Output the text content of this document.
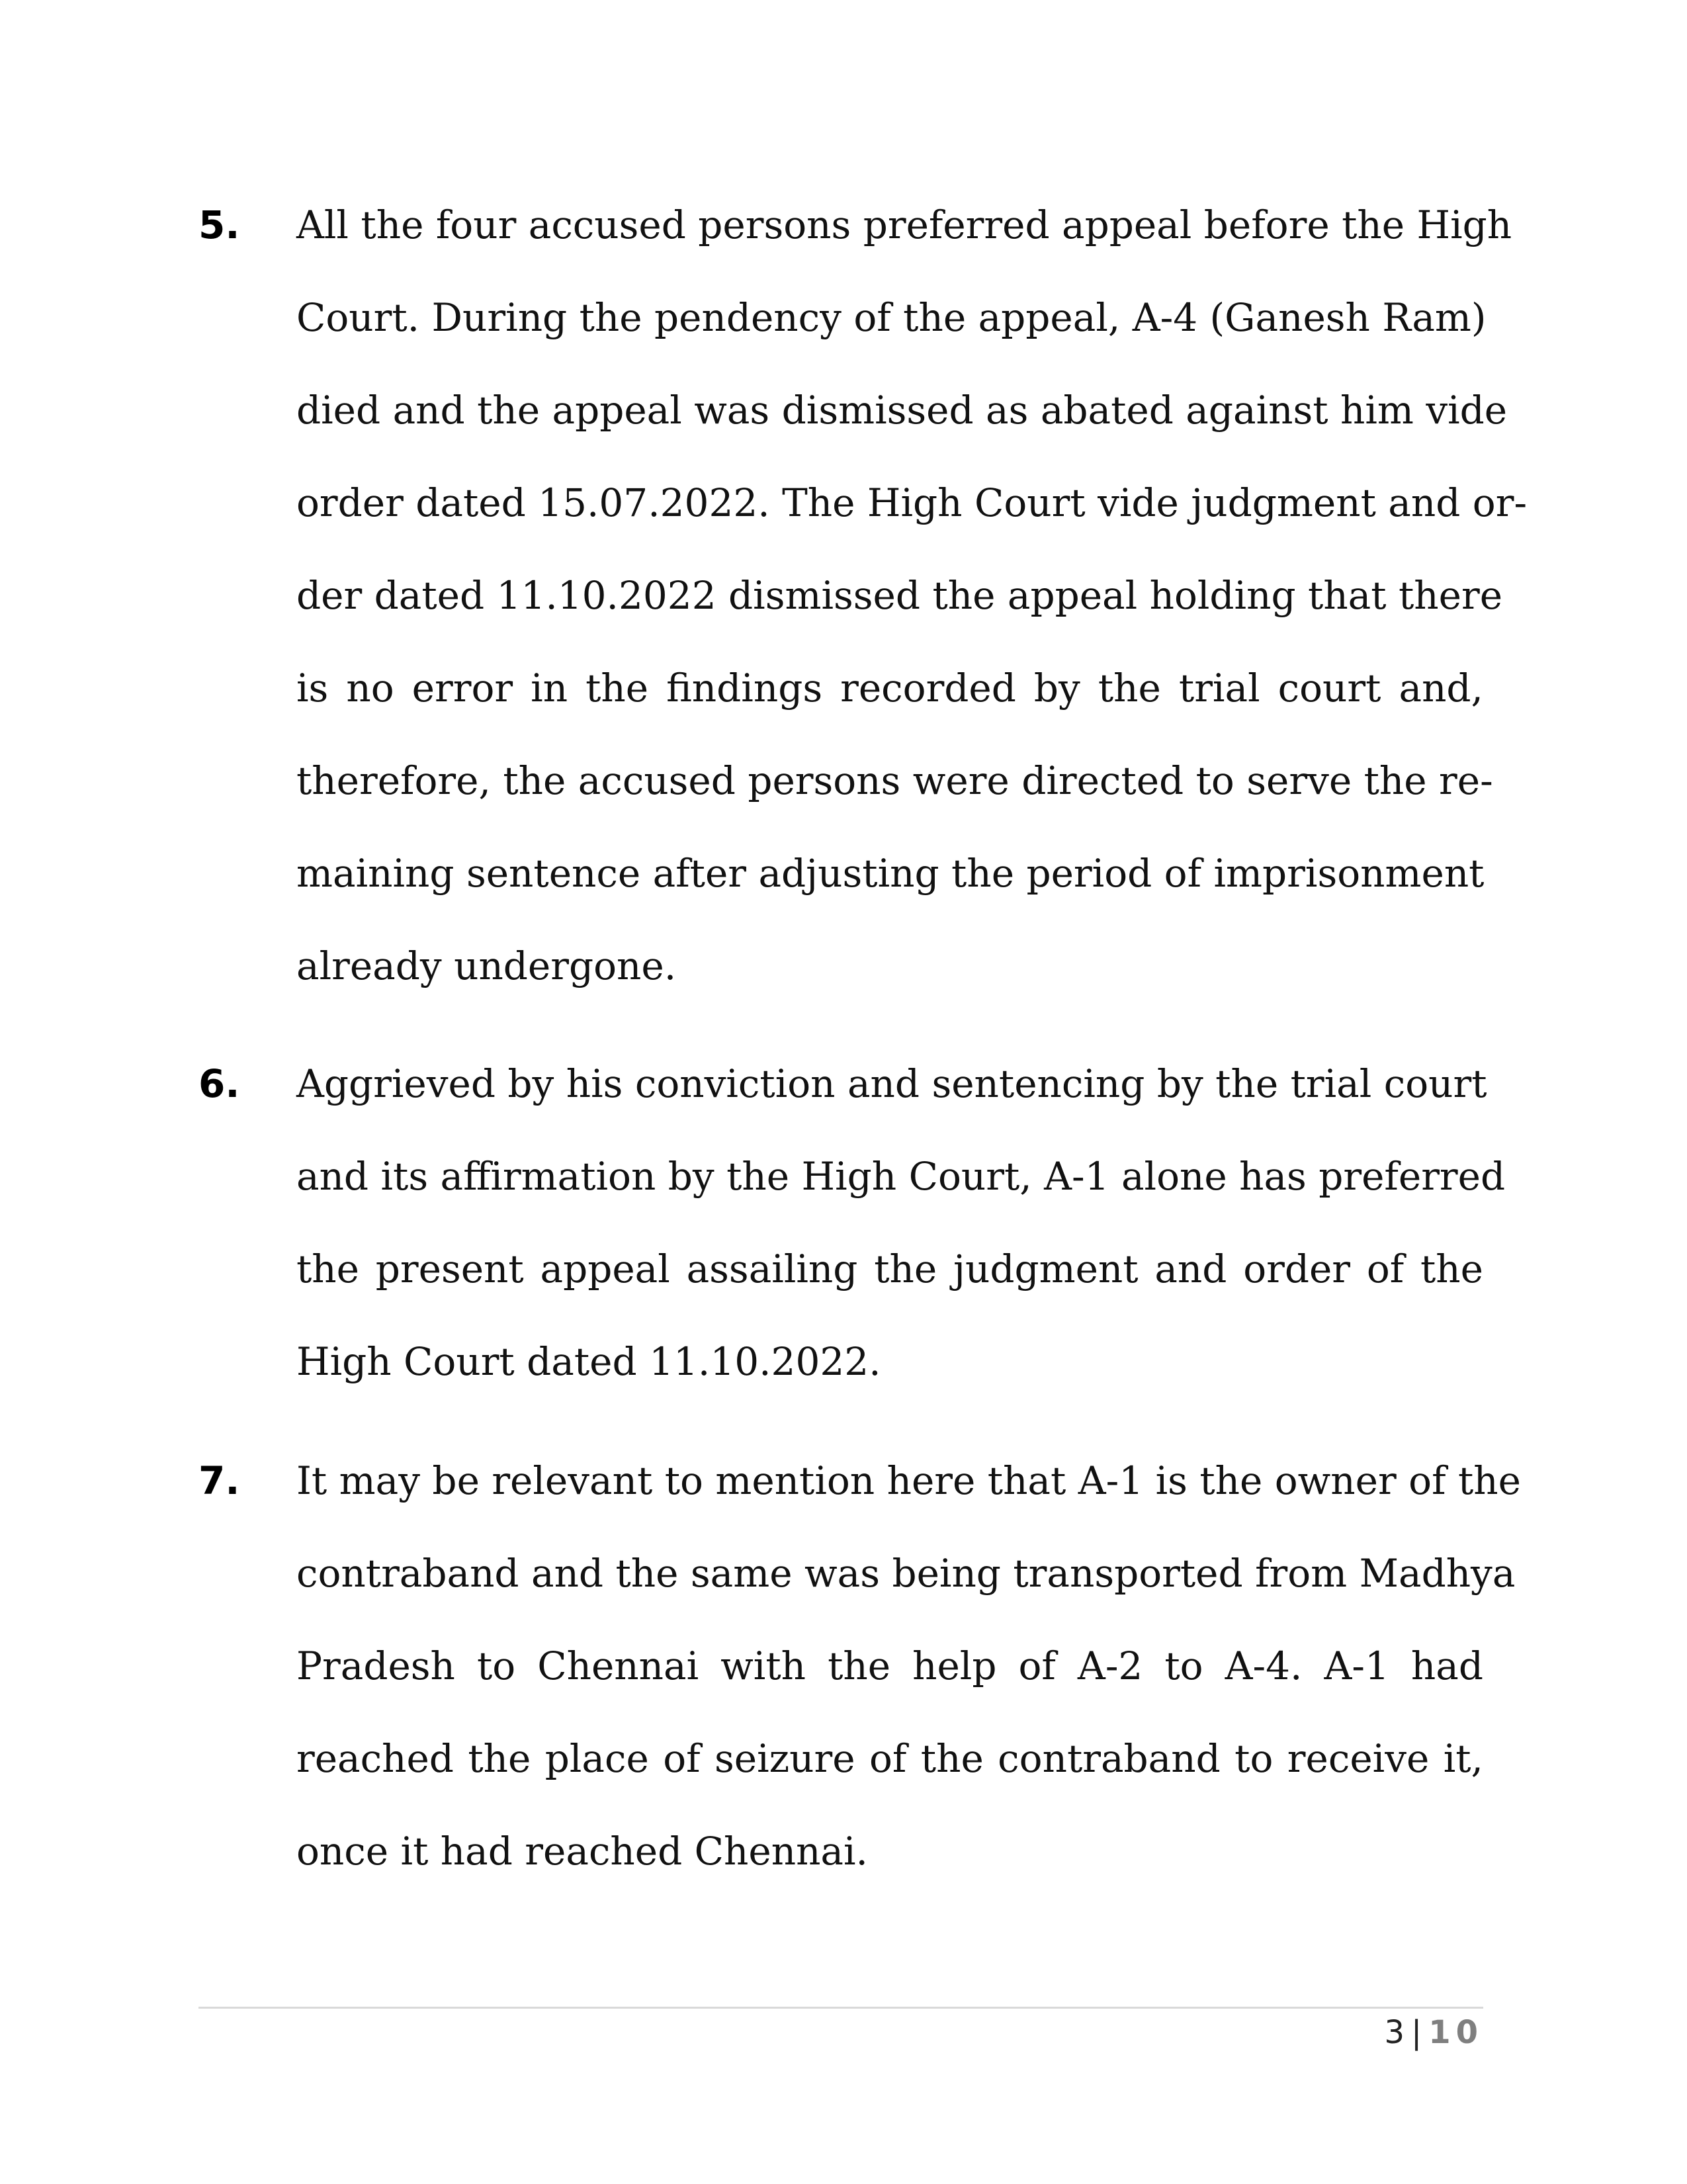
5. All the four accused persons preferred appeal before the High
Court. During the pendency of the appeal, A-4 (Ganesh Ram)
died and the appeal was dismissed as abated against him vide
order dated 15.07.2022. The High Court vide judgment and or-
der dated 11.10.2022 dismissed the appeal holding that there
is no error in the findings recorded by the trial court and,
therefore, the accused persons were directed to serve the re-
maining sentence after adjusting the period of imprisonment
already undergone.
6. Aggrieved by his conviction and sentencing by the trial court
and its affirmation by the High Court, A-1 alone has preferred
the present appeal assailing the judgment and order of the
High Court dated 11.10.2022.
7. It may be relevant to mention here that A-1 is the owner of the
contraband and the same was being transported from Madhya
Pradesh to Chennai with the help of A-2 to A-4. A-1 had
reached the place of seizure of the contraband to receive it,
once it had reached Chennai.
3 | 10
